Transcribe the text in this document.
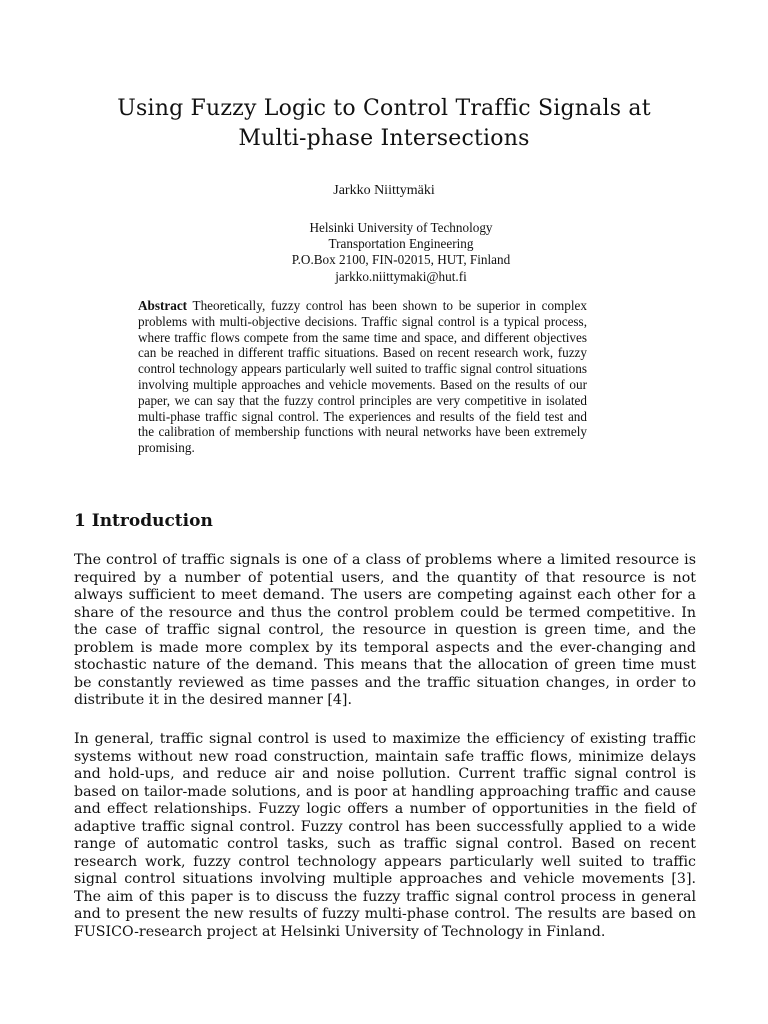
Using Fuzzy Logic to Control Traffic Signals at
Multi-phase Intersections
Jarkko Niittymäki
Helsinki University of Technology
Transportation Engineering
P.O.Box 2100, FIN-02015, HUT, Finland
jarkko.niittymaki@hut.fi

Abstract Theoretically, fuzzy control has been shown to be superior in complex problems with multi-objective decisions. Traffic signal control is a typical process, where traffic flows compete from the same time and space, and different objectives can be reached in different traffic situations. Based on recent research work, fuzzy control technology appears particularly well suited to traffic signal control situations involving multiple approaches and vehicle movements. Based on the results of our paper, we can say that the fuzzy control principles are very competitive in isolated multi-phase traffic signal control. The experiences and results of the field test and the calibration of membership functions with neural networks have been extremely promising.

1 Introduction

The control of traffic signals is one of a class of problems where a limited resource is required by a number of potential users, and the quantity of that resource is not always sufficient to meet demand. The users are competing against each other for a share of the resource and thus the control problem could be termed competitive. In the case of traffic signal control, the resource in question is green time, and the problem is made more complex by its temporal aspects and the ever-changing and stochastic nature of the demand. This means that the allocation of green time must be constantly reviewed as time passes and the traffic situation changes, in order to distribute it in the desired manner [4].

In general, traffic signal control is used to maximize the efficiency of existing traffic systems without new road construction, maintain safe traffic flows, minimize delays and hold-ups, and reduce air and noise pollution. Current traffic signal control is based on tailor-made solutions, and is poor at handling approaching traffic and cause and effect relationships. Fuzzy logic offers a number of opportunities in the field of adaptive traffic signal control. Fuzzy control has been successfully applied to a wide range of automatic control tasks, such as traffic signal control. Based on recent research work, fuzzy control technology appears particularly well suited to traffic signal control situations involving multiple approaches and vehicle movements [3]. The aim of this paper is to discuss the fuzzy traffic signal control process in general and to present the new results of fuzzy multi-phase control. The results are based on FUSICO-research project at Helsinki University of Technology in Finland.
